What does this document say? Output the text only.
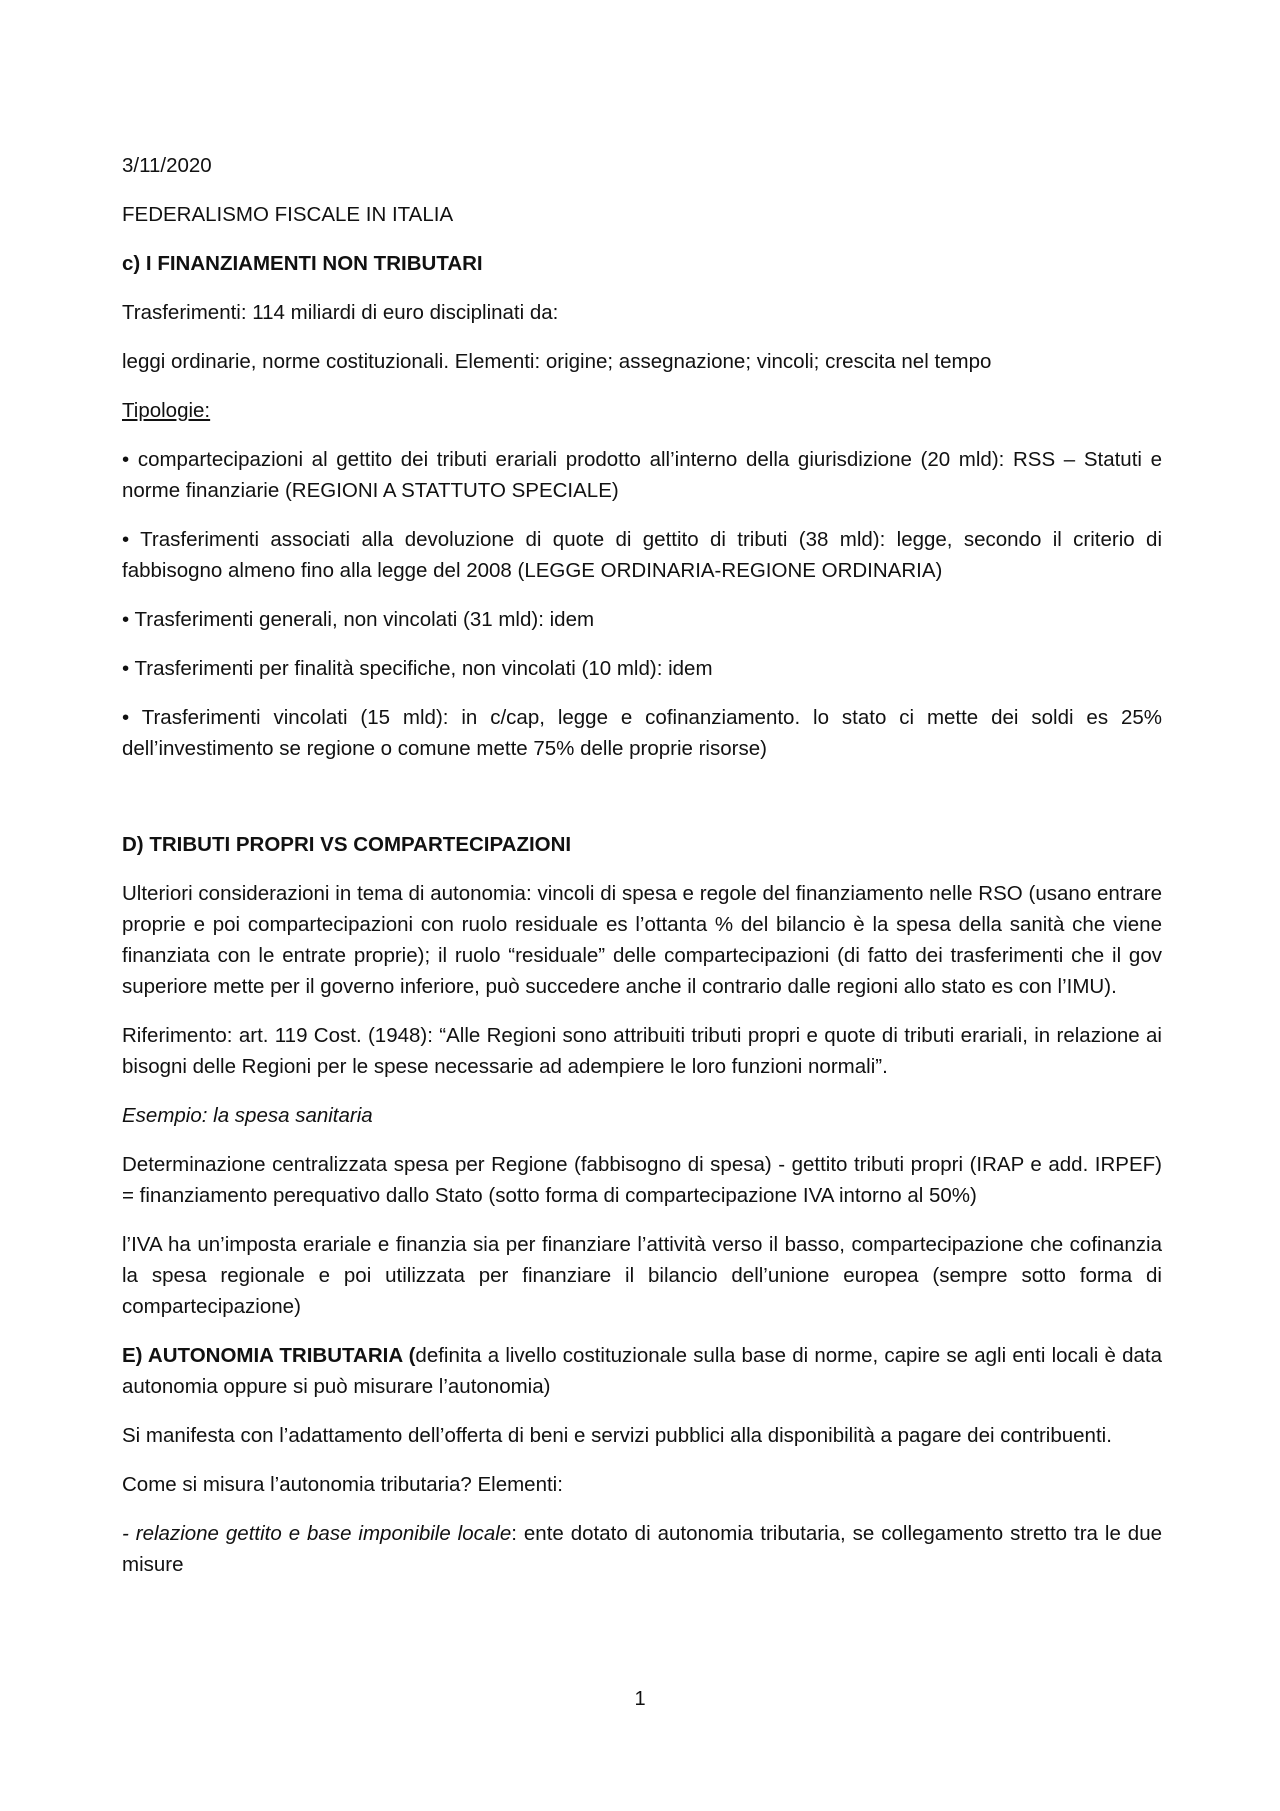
3/11/2020

FEDERALISMO FISCALE IN ITALIA

c) I FINANZIAMENTI NON TRIBUTARI

Trasferimenti: 114 miliardi di euro disciplinati da:

leggi ordinarie, norme costituzionali. Elementi: origine; assegnazione; vincoli; crescita nel tempo

Tipologie:

• compartecipazioni al gettito dei tributi erariali prodotto all’interno della giurisdizione (20 mld): RSS – Statuti e norme finanziarie (REGIONI A STATTUTO SPECIALE)

• Trasferimenti associati alla devoluzione di quote di gettito di tributi (38 mld): legge, secondo il criterio di fabbisogno almeno fino alla legge del 2008 (LEGGE ORDINARIA-REGIONE ORDINARIA)

• Trasferimenti generali, non vincolati (31 mld): idem

• Trasferimenti per finalità specifiche, non vincolati (10 mld): idem

• Trasferimenti vincolati (15 mld): in c/cap, legge e cofinanziamento. lo stato ci mette dei soldi es 25% dell’investimento se regione o comune mette 75% delle proprie risorse)

D) TRIBUTI PROPRI VS COMPARTECIPAZIONI

Ulteriori considerazioni in tema di autonomia: vincoli di spesa e regole del finanziamento nelle RSO (usano entrare proprie e poi compartecipazioni con ruolo residuale es l’ottanta % del bilancio è la spesa della sanità che viene finanziata con le entrate proprie); il ruolo “residuale” delle compartecipazioni (di fatto dei trasferimenti che il gov superiore mette per il governo inferiore, può succedere anche il contrario dalle regioni allo stato es con l’IMU).

Riferimento: art. 119 Cost. (1948): “Alle Regioni sono attribuiti tributi propri e quote di tributi erariali, in relazione ai bisogni delle Regioni per le spese necessarie ad adempiere le loro funzioni normali”.

Esempio: la spesa sanitaria

Determinazione centralizzata spesa per Regione (fabbisogno di spesa) - gettito tributi propri (IRAP e add. IRPEF) = finanziamento perequativo dallo Stato (sotto forma di compartecipazione IVA intorno al 50%)

l’IVA ha un’imposta erariale e finanzia sia per finanziare l’attività verso il basso, compartecipazione che cofinanzia la spesa regionale e poi utilizzata per finanziare il bilancio dell’unione europea (sempre sotto forma di compartecipazione)

E) AUTONOMIA TRIBUTARIA (definita a livello costituzionale sulla base di norme, capire se agli enti locali è data autonomia oppure si può misurare l’autonomia)

Si manifesta con l’adattamento dell’offerta di beni e servizi pubblici alla disponibilità a pagare dei contribuenti.

Come si misura l’autonomia tributaria? Elementi:

- relazione gettito e base imponibile locale: ente dotato di autonomia tributaria, se collegamento stretto tra le due misure

1
